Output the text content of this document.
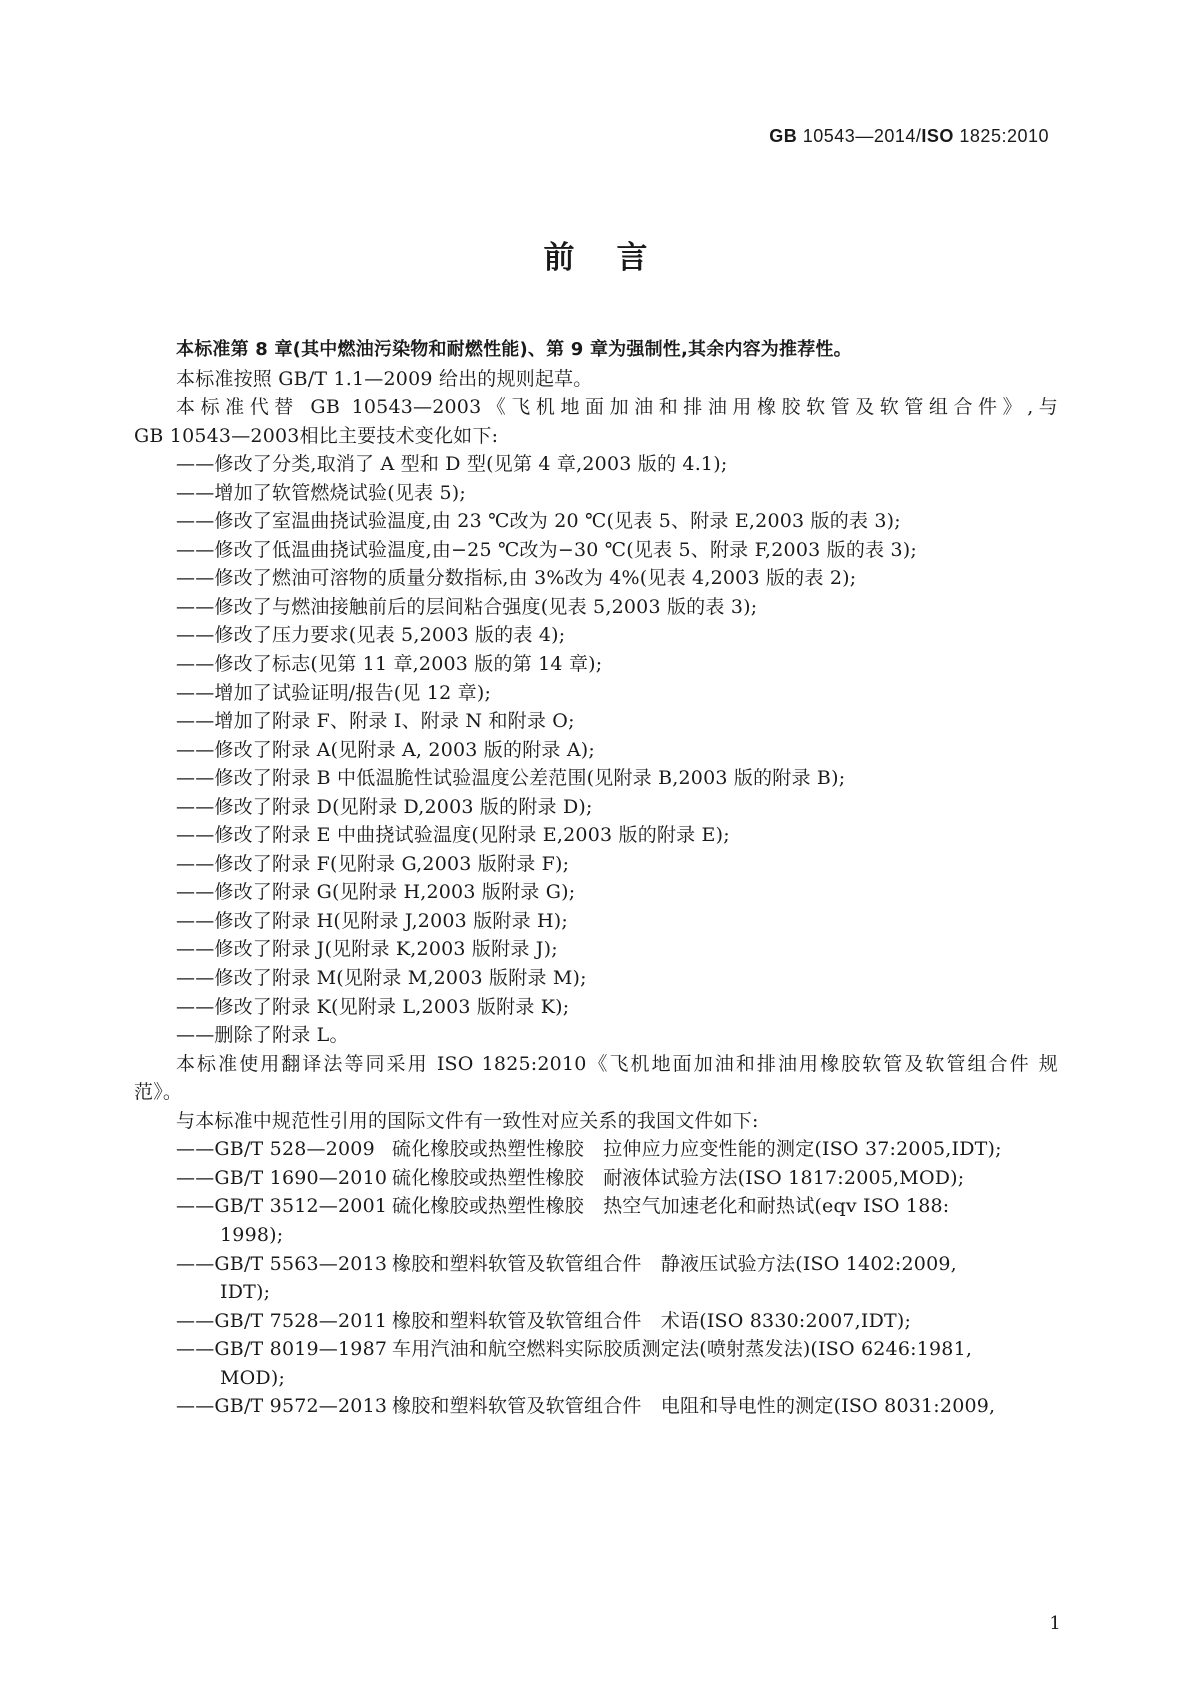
GB 10543—2014/ISO 1825:2010
前言
本标准第 8 章(其中燃油污染物和耐燃性能)、第 9 章为强制性,其余内容为推荐性。
本标准按照 GB/T 1.1—2009 给出的规则起草。
本标准代替 GB 10543—2003《飞机地面加油和排油用橡胶软管及软管组合件》,与
GB 10543—2003相比主要技术变化如下:
——修改了分类,取消了 A 型和 D 型(见第 4 章,2003 版的 4.1);
——增加了软管燃烧试验(见表 5);
——修改了室温曲挠试验温度,由 23 ℃改为 20 ℃(见表 5、附录 E,2003 版的表 3);
——修改了低温曲挠试验温度,由−25 ℃改为−30 ℃(见表 5、附录 F,2003 版的表 3);
——修改了燃油可溶物的质量分数指标,由 3%改为 4%(见表 4,2003 版的表 2);
——修改了与燃油接触前后的层间粘合强度(见表 5,2003 版的表 3);
——修改了压力要求(见表 5,2003 版的表 4);
——修改了标志(见第 11 章,2003 版的第 14 章);
——增加了试验证明/报告(见 12 章);
——增加了附录 F、附录 I、附录 N 和附录 O;
——修改了附录 A(见附录 A, 2003 版的附录 A);
——修改了附录 B 中低温脆性试验温度公差范围(见附录 B,2003 版的附录 B);
——修改了附录 D(见附录 D,2003 版的附录 D);
——修改了附录 E 中曲挠试验温度(见附录 E,2003 版的附录 E);
——修改了附录 F(见附录 G,2003 版附录 F);
——修改了附录 G(见附录 H,2003 版附录 G);
——修改了附录 H(见附录 J,2003 版附录 H);
——修改了附录 J(见附录 K,2003 版附录 J);
——修改了附录 M(见附录 M,2003 版附录 M);
——修改了附录 K(见附录 L,2003 版附录 K);
——删除了附录 L。
本标准使用翻译法等同采用 ISO 1825:2010《飞机地面加油和排油用橡胶软管及软管组合件 规
范》。
与本标准中规范性引用的国际文件有一致性对应关系的我国文件如下:
——GB/T 528—2009 硫化橡胶或热塑性橡胶　拉伸应力应变性能的测定(ISO 37:2005,IDT);
——GB/T 1690—2010 硫化橡胶或热塑性橡胶　耐液体试验方法(ISO 1817:2005,MOD);
——GB/T 3512—2001 硫化橡胶或热塑性橡胶　热空气加速老化和耐热试(eqv ISO 188:
1998);
——GB/T 5563—2013 橡胶和塑料软管及软管组合件　静液压试验方法(ISO 1402:2009,
IDT);
——GB/T 7528—2011 橡胶和塑料软管及软管组合件　术语(ISO 8330:2007,IDT);
——GB/T 8019—1987 车用汽油和航空燃料实际胶质测定法(喷射蒸发法)(ISO 6246:1981,
MOD);
——GB/T 9572—2013 橡胶和塑料软管及软管组合件　电阻和导电性的测定(ISO 8031:2009,
1
